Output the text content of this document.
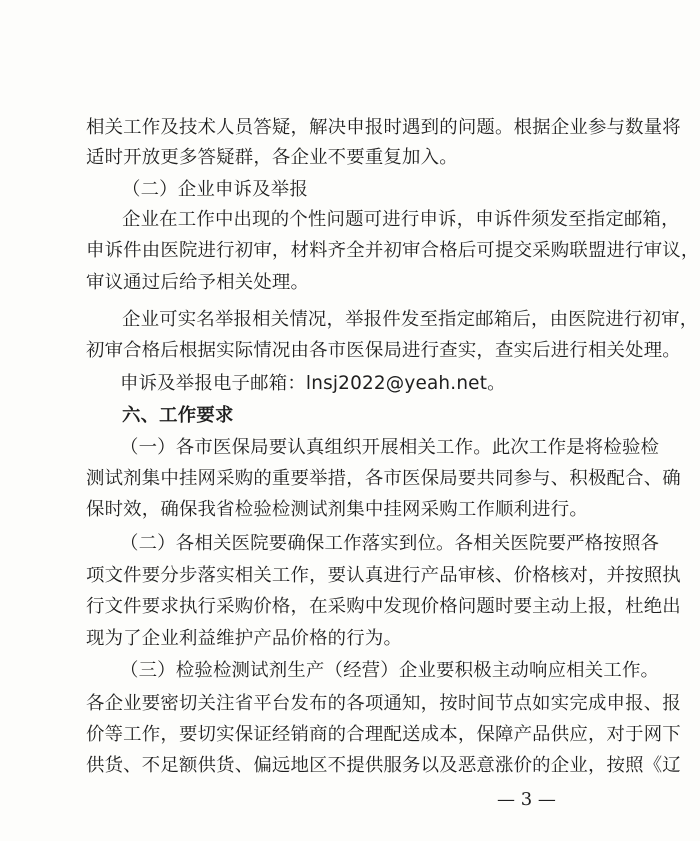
相关工作及技术人员答疑，解决申报时遇到的问题。根据企业参与数量将
适时开放更多答疑群，各企业不要重复加入。
（二）企业申诉及举报
企业在工作中出现的个性问题可进行申诉，申诉件须发至指定邮箱，
申诉件由医院进行初审，材料齐全并初审合格后可提交采购联盟进行审议，
审议通过后给予相关处理。
企业可实名举报相关情况，举报件发至指定邮箱后，由医院进行初审，
初审合格后根据实际情况由各市医保局进行查实，查实后进行相关处理。
申诉及举报电子邮箱：lnsj2022@yeah.net。
六、工作要求
（一）各市医保局要认真组织开展相关工作。此次工作是将检验检
测试剂集中挂网采购的重要举措，各市医保局要共同参与、积极配合、确
保时效，确保我省检验检测试剂集中挂网采购工作顺利进行。
（二）各相关医院要确保工作落实到位。各相关医院要严格按照各
项文件要分步落实相关工作，要认真进行产品审核、价格核对，并按照执
行文件要求执行采购价格，在采购中发现价格问题时要主动上报，杜绝出
现为了企业利益维护产品价格的行为。
（三）检验检测试剂生产（经营）企业要积极主动响应相关工作。
各企业要密切关注省平台发布的各项通知，按时间节点如实完成申报、报
价等工作，要切实保证经销商的合理配送成本，保障产品供应，对于网下
供货、不足额供货、偏远地区不提供服务以及恶意涨价的企业，按照《辽
— 3 —
